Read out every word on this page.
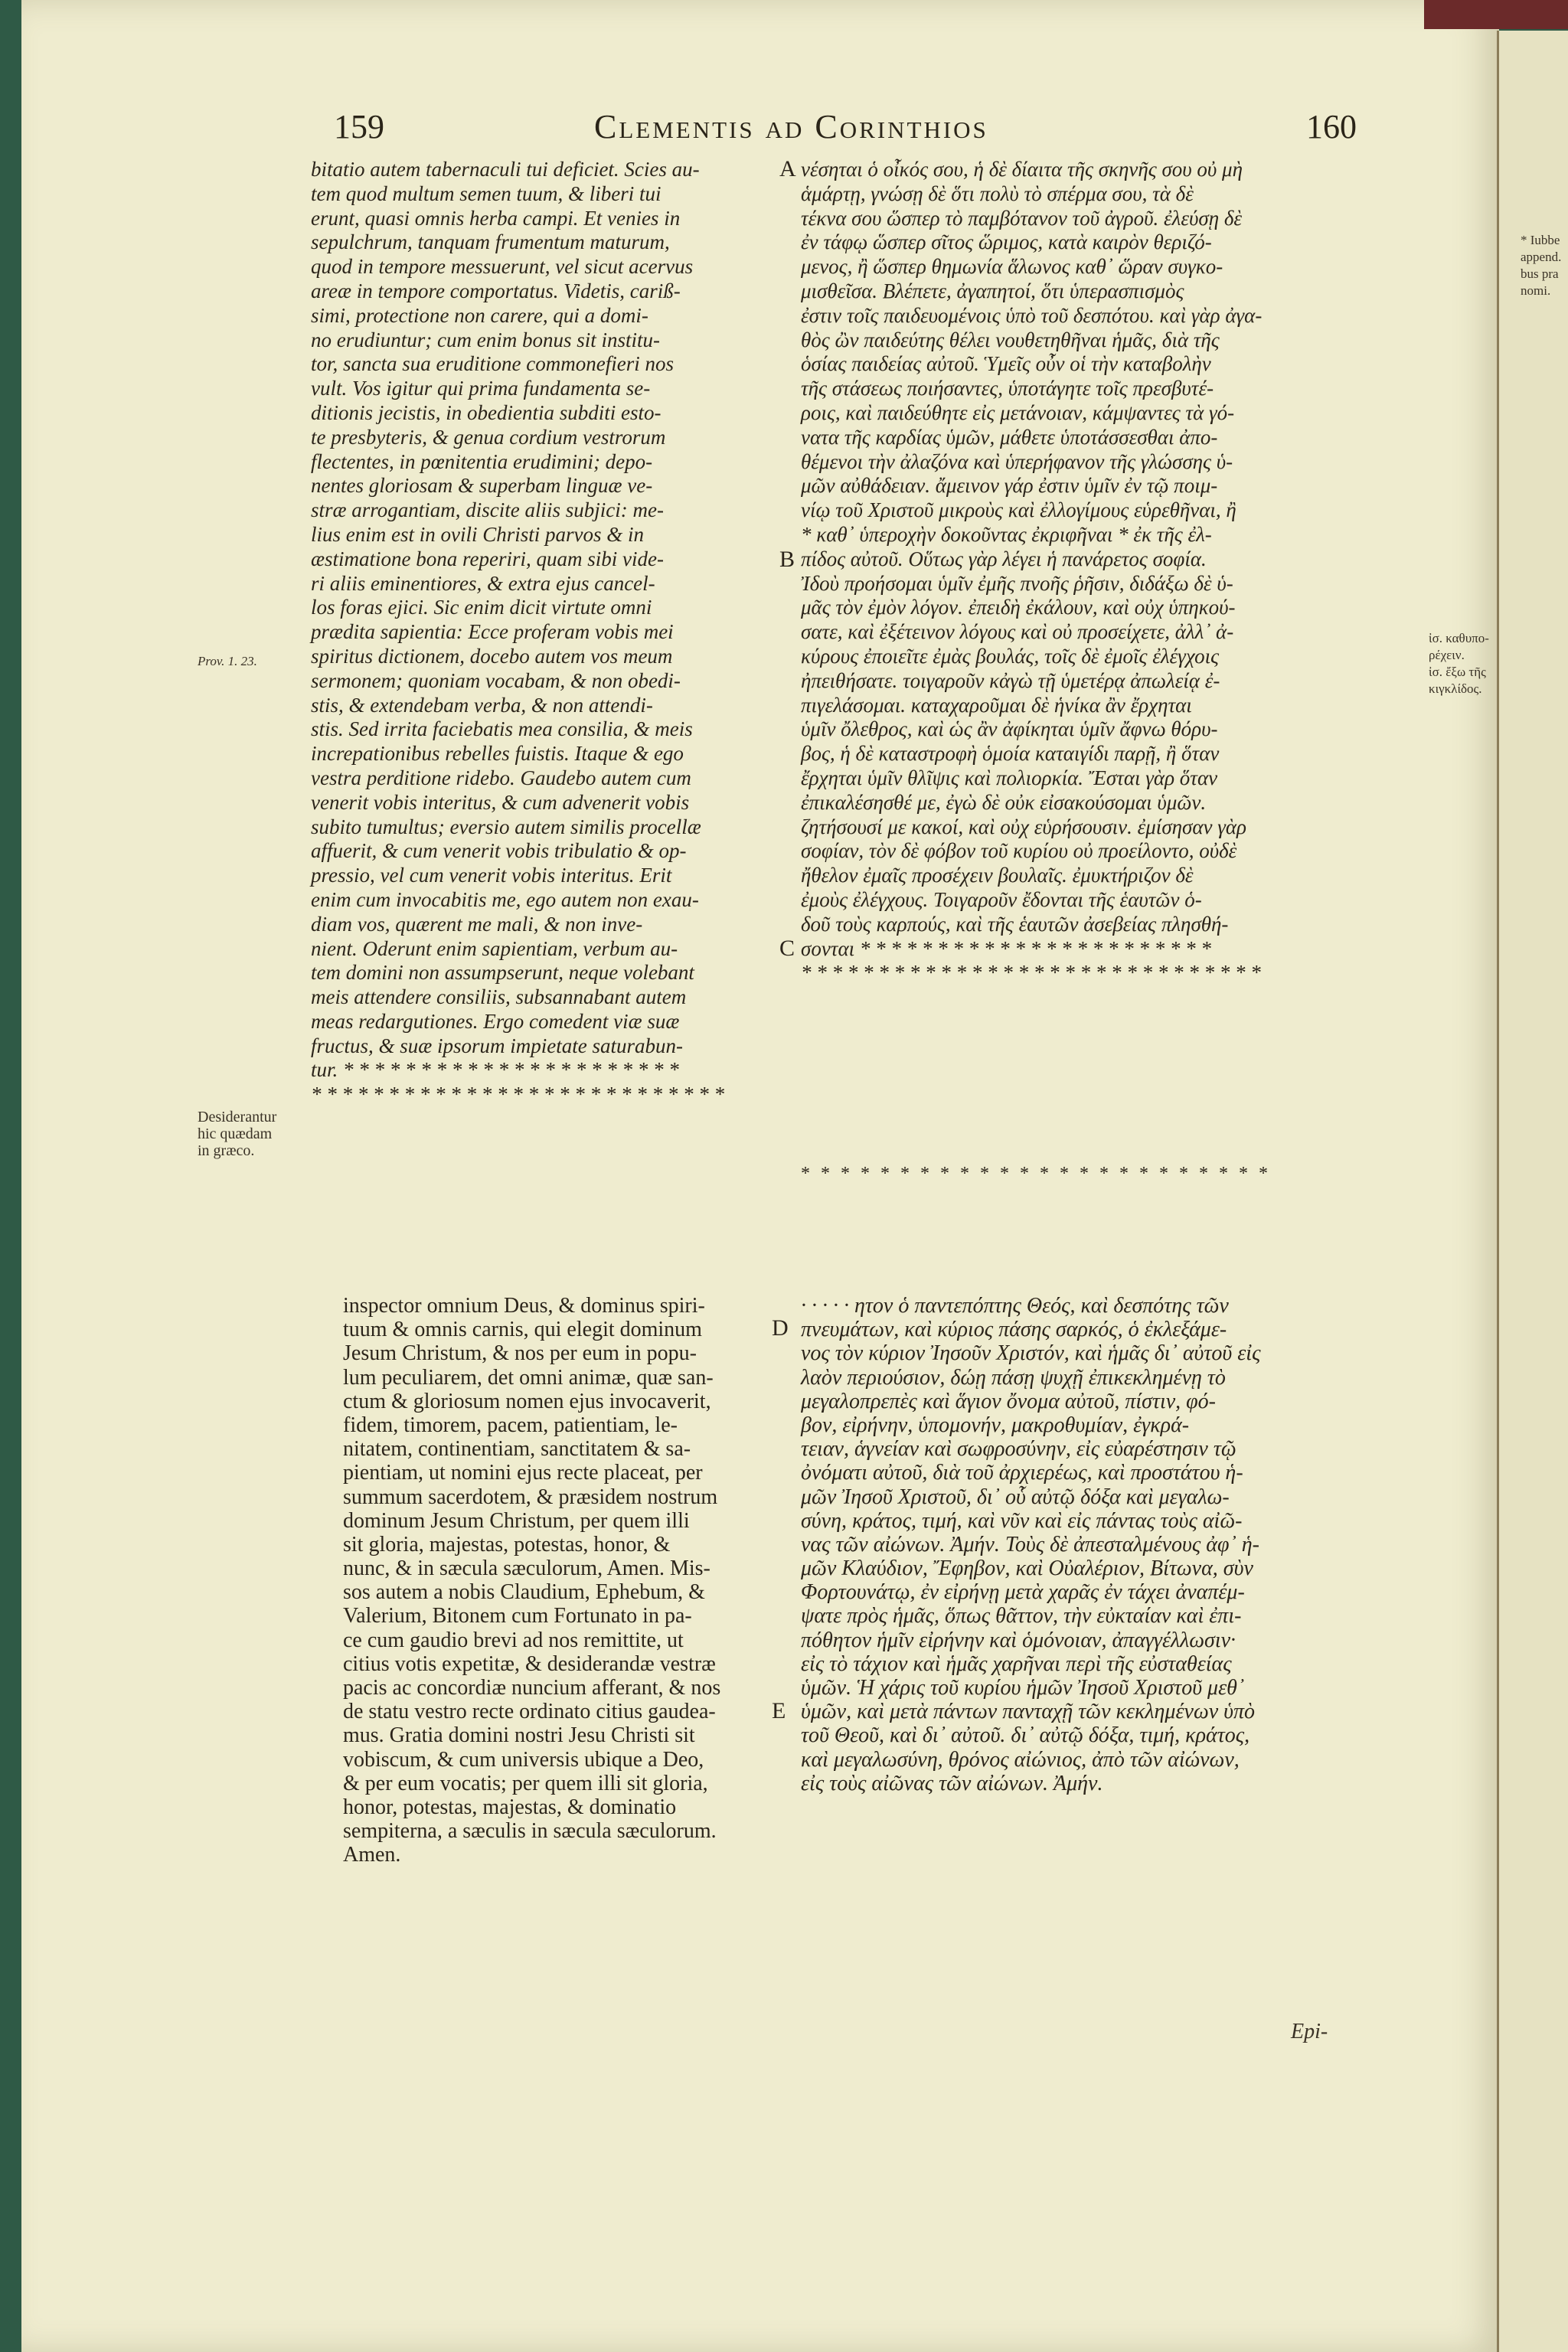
* Iubbe
append.
bus pra
nomi.
159	Clementis ad Corinthios	160
bitatio autem tabernaculi tui deficiet. Scies au-
tem quod multum semen tuum, & liberi tui
erunt, quasi omnis herba campi. Et venies in
sepulchrum, tanquam frumentum maturum,
quod in tempore messuerunt, vel sicut acervus
areæ in tempore comportatus. Videtis, cariß-
simi, protectione non carere, qui a domi-
no erudiuntur; cum enim bonus sit institu-
tor, sancta sua eruditione commonefieri nos
vult. Vos igitur qui prima fundamenta se-
ditionis jecistis, in obedientia subditi esto-
te presbyteris, & genua cordium vestrorum
flectentes, in pœnitentia erudimini; depo-
nentes gloriosam & superbam linguæ ve-
stræ arrogantiam, discite aliis subjici: me-
lius enim est in ovili Christi parvos & in
æstimatione bona reperiri, quam sibi vide-
ri aliis eminentiores, & extra ejus cancel-
los foras ejici. Sic enim dicit virtute omni
prædita sapientia: Ecce proferam vobis mei
spiritus dictionem, docebo autem vos meum
sermonem; quoniam vocabam, & non obedi-
stis, & extendebam verba, & non attendi-
stis. Sed irrita faciebatis mea consilia, & meis
increpationibus rebelles fuistis. Itaque & ego
vestra perditione ridebo. Gaudebo autem cum
venerit vobis interitus, & cum advenerit vobis
subito tumultus; eversio autem similis procellæ
affuerit, & cum venerit vobis tribulatio & op-
pressio, vel cum venerit vobis interitus. Erit
enim cum invocabitis me, ego autem non exau-
diam vos, quærent me mali, & non inve-
nient. Oderunt enim sapientiam, verbum au-
tem domini non assumpserunt, neque volebant
meis attendere consiliis, subsannabant autem
meas redargutiones. Ergo comedent viæ suæ
fructus, & suæ ipsorum impietate saturabun-
tur. * * * * * * * * * * * * * * * * * * * * * *
* * * * * * * * * * * * * * * * * * * * * * * * * * *
νέσηται ὁ οἶκός σου, ἡ δὲ δίαιτα τῆς σκηνῆς σου οὐ μὴ
ἁμάρτῃ, γνώσῃ δὲ ὅτι πολὺ τὸ σπέρμα σου, τὰ δὲ
τέκνα σου ὥσπερ τὸ παμβότανον τοῦ ἀγροῦ. ἐλεύσῃ δὲ
ἐν τάφῳ ὥσπερ σῖτος ὥριμος, κατὰ καιρὸν θεριζό-
μενος, ἢ ὥσπερ θημωνία ἅλωνος καθ᾽ ὥραν συγκο-
μισθεῖσα. Βλέπετε, ἀγαπητοί, ὅτι ὑπερασπισμὸς
ἐστιν τοῖς παιδευομένοις ὑπὸ τοῦ δεσπότου. καὶ γὰρ ἀγα-
θὸς ὢν παιδεύτης θέλει νουθετηθῆναι ἡμᾶς, διὰ τῆς
ὁσίας παιδείας αὐτοῦ. Ὑμεῖς οὖν οἱ τὴν καταβολὴν
τῆς στάσεως ποιήσαντες, ὑποτάγητε τοῖς πρεσβυτέ-
ροις, καὶ παιδεύθητε εἰς μετάνοιαν, κάμψαντες τὰ γό-
νατα τῆς καρδίας ὑμῶν, μάθετε ὑποτάσσεσθαι ἀπο-
θέμενοι τὴν ἀλαζόνα καὶ ὑπερήφανον τῆς γλώσσης ὑ-
μῶν αὐθάδειαν. ἄμεινον γάρ ἐστιν ὑμῖν ἐν τῷ ποιμ-
νίῳ τοῦ Χριστοῦ μικροὺς καὶ ἐλλογίμους εὑρεθῆναι, ἢ
* καθ᾽ ὑπεροχὴν δοκοῦντας ἐκριφῆναι * ἐκ τῆς ἐλ-
πίδος αὐτοῦ. Οὕτως γὰρ λέγει ἡ πανάρετος σοφία.
Ἰδοὺ προήσομαι ὑμῖν ἐμῆς πνοῆς ῥῆσιν, διδάξω δὲ ὑ-
μᾶς τὸν ἐμὸν λόγον. ἐπειδὴ ἐκάλουν, καὶ οὐχ ὑπηκού-
σατε, καὶ ἐξέτεινον λόγους καὶ οὐ προσείχετε, ἀλλ᾽ ἀ-
κύρους ἐποιεῖτε ἐμὰς βουλάς, τοῖς δὲ ἐμοῖς ἐλέγχοις
ἠπειθήσατε. τοιγαροῦν κἀγὼ τῇ ὑμετέρᾳ ἀπωλείᾳ ἐ-
πιγελάσομαι. καταχαροῦμαι δὲ ἡνίκα ἂν ἔρχηται
ὑμῖν ὄλεθρος, καὶ ὡς ἂν ἀφίκηται ὑμῖν ἄφνω θόρυ-
βος, ἡ δὲ καταστροφὴ ὁμοία καταιγίδι παρῇ, ἢ ὅταν
ἔρχηται ὑμῖν θλῖψις καὶ πολιορκία. Ἔσται γὰρ ὅταν
ἐπικαλέσησθέ με, ἐγὼ δὲ οὐκ εἰσακούσομαι ὑμῶν.
ζητήσουσί με κακοί, καὶ οὐχ εὑρήσουσιν. ἐμίσησαν γὰρ
σοφίαν, τὸν δὲ φόβον τοῦ κυρίου οὐ προείλοντο, οὐδὲ
ἤθελον ἐμαῖς προσέχειν βουλαῖς. ἐμυκτήριζον δὲ
ἐμοὺς ἐλέγχους. Τοιγαροῦν ἔδονται τῆς ἑαυτῶν ὁ-
δοῦ τοὺς καρπούς, καὶ τῆς ἑαυτῶν ἀσεβείας πλησθή-
σονται * * * * * * * * * * * * * * * * * * * * * * *
* * * * * * * * * * * * * * * * * * * * * * * * * * * * * *
inspector omnium Deus, & dominus spiri-
tuum & omnis carnis, qui elegit dominum
Jesum Christum, & nos per eum in popu-
lum peculiarem, det omni animæ, quæ san-
ctum & gloriosum nomen ejus invocaverit,
fidem, timorem, pacem, patientiam, le-
nitatem, continentiam, sanctitatem & sa-
pientiam, ut nomini ejus recte placeat, per
summum sacerdotem, & præsidem nostrum
dominum Jesum Christum, per quem illi
sit gloria, majestas, potestas, honor, &
nunc, & in sæcula sæculorum, Amen. Mis-
sos autem a nobis Claudium, Ephebum, &
Valerium, Bitonem cum Fortunato in pa-
ce cum gaudio brevi ad nos remittite, ut
citius votis expetitæ, & desiderandæ vestræ
pacis ac concordiæ nuncium afferant, & nos
de statu vestro recte ordinato citius gaudea-
mus. Gratia domini nostri Jesu Christi sit
vobiscum, & cum universis ubique a Deo,
& per eum vocatis; per quem illi sit gloria,
honor, potestas, majestas, & dominatio
sempiterna, a sæculis in sæcula sæculorum.
Amen.
· · · · · ητον ὁ παντεπόπτης Θεός, καὶ δεσπότης τῶν
πνευμάτων, καὶ κύριος πάσης σαρκός, ὁ ἐκλεξάμε-
νος τὸν κύριον Ἰησοῦν Χριστόν, καὶ ἡμᾶς δι᾽ αὐτοῦ εἰς
λαὸν περιούσιον, δώῃ πάσῃ ψυχῇ ἐπικεκλημένῃ τὸ
μεγαλοπρεπὲς καὶ ἅγιον ὄνομα αὐτοῦ, πίστιν, φό-
βον, εἰρήνην, ὑπομονήν, μακροθυμίαν, ἐγκρά-
τειαν, ἁγνείαν καὶ σωφροσύνην, εἰς εὐαρέστησιν τῷ
ὀνόματι αὐτοῦ, διὰ τοῦ ἀρχιερέως, καὶ προστάτου ἡ-
μῶν Ἰησοῦ Χριστοῦ, δι᾽ οὗ αὐτῷ δόξα καὶ μεγαλω-
σύνη, κράτος, τιμή, καὶ νῦν καὶ εἰς πάντας τοὺς αἰῶ-
νας τῶν αἰώνων. Ἀμήν. Τοὺς δὲ ἀπεσταλμένους ἀφ᾽ ἡ-
μῶν Κλαύδιον, Ἔφηβον, καὶ Οὐαλέριον, Βίτωνα, σὺν
Φορτουνάτῳ, ἐν εἰρήνῃ μετὰ χαρᾶς ἐν τάχει ἀναπέμ-
ψατε πρὸς ἡμᾶς, ὅπως θᾶττον, τὴν εὐκταίαν καὶ ἐπι-
πόθητον ἡμῖν εἰρήνην καὶ ὁμόνοιαν, ἀπαγγέλλωσιν·
εἰς τὸ τάχιον καὶ ἡμᾶς χαρῆναι περὶ τῆς εὐσταθείας
ὑμῶν. Ἡ χάρις τοῦ κυρίου ἡμῶν Ἰησοῦ Χριστοῦ μεθ᾽
ὑμῶν, καὶ μετὰ πάντων πανταχῇ τῶν κεκλημένων ὑπὸ
τοῦ Θεοῦ, καὶ δι᾽ αὐτοῦ. δι᾽ αὐτῷ δόξα, τιμή, κράτος,
καὶ μεγαλωσύνη, θρόνος αἰώνιος, ἀπὸ τῶν αἰώνων,
εἰς τοὺς αἰῶνας τῶν αἰώνων. Ἀμήν.
* * * * * * * * * * * * * * * * * * * * * * * *
A
B
C
D
E
Prov. 1. 23.
Desiderantur
hic quædam
in græco.
ἰσ. καθυπο-
ρέχειν.
ἰσ. ἔξω τῆς
κιγκλίδος.
Epi-
